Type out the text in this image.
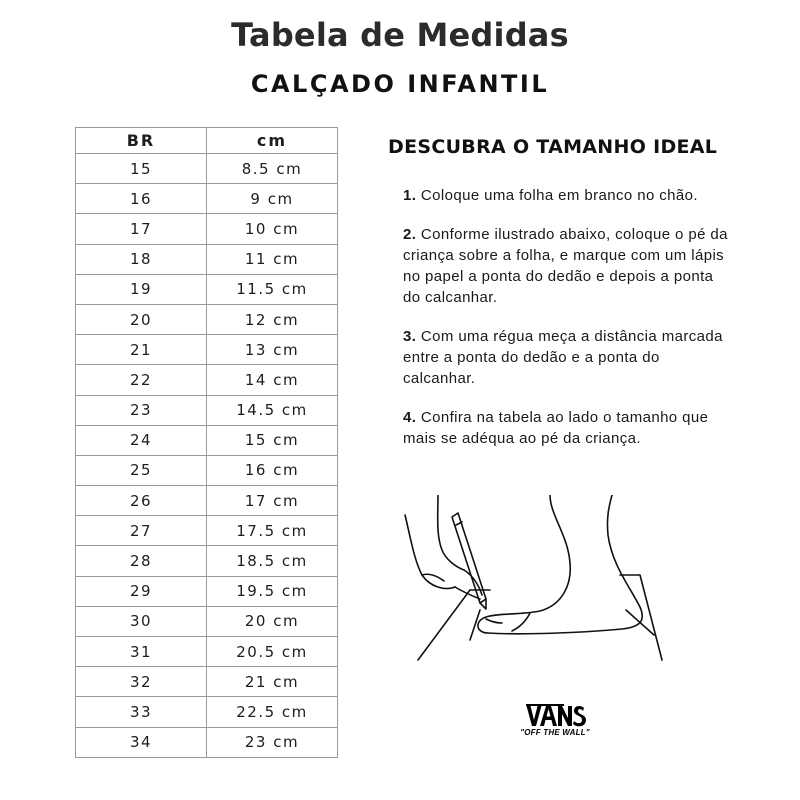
Tabela de Medidas
CALÇADO INFANTIL
BR	cm
15	8.5 cm
16	9 cm
17	10 cm
18	11 cm
19	11.5 cm
20	12 cm
21	13 cm
22	14 cm
23	14.5 cm
24	15 cm
25	16 cm
26	17 cm
27	17.5 cm
28	18.5 cm
29	19.5 cm
30	20 cm
31	20.5 cm
32	21 cm
33	22.5 cm
34	23 cm
DESCUBRA O TAMANHO IDEAL
1. Coloque uma folha em branco no chão.
2. Conforme ilustrado abaixo, coloque o pé da criança sobre a folha, e marque com um lápis no papel a ponta do dedão e depois a ponta do calcanhar.
3. Com uma régua meça a distância marcada entre a ponta do dedão e a ponta do calcanhar.
4. Confira na tabela ao lado o tamanho que mais se adéqua ao pé da criança.
"OFF THE WALL"
